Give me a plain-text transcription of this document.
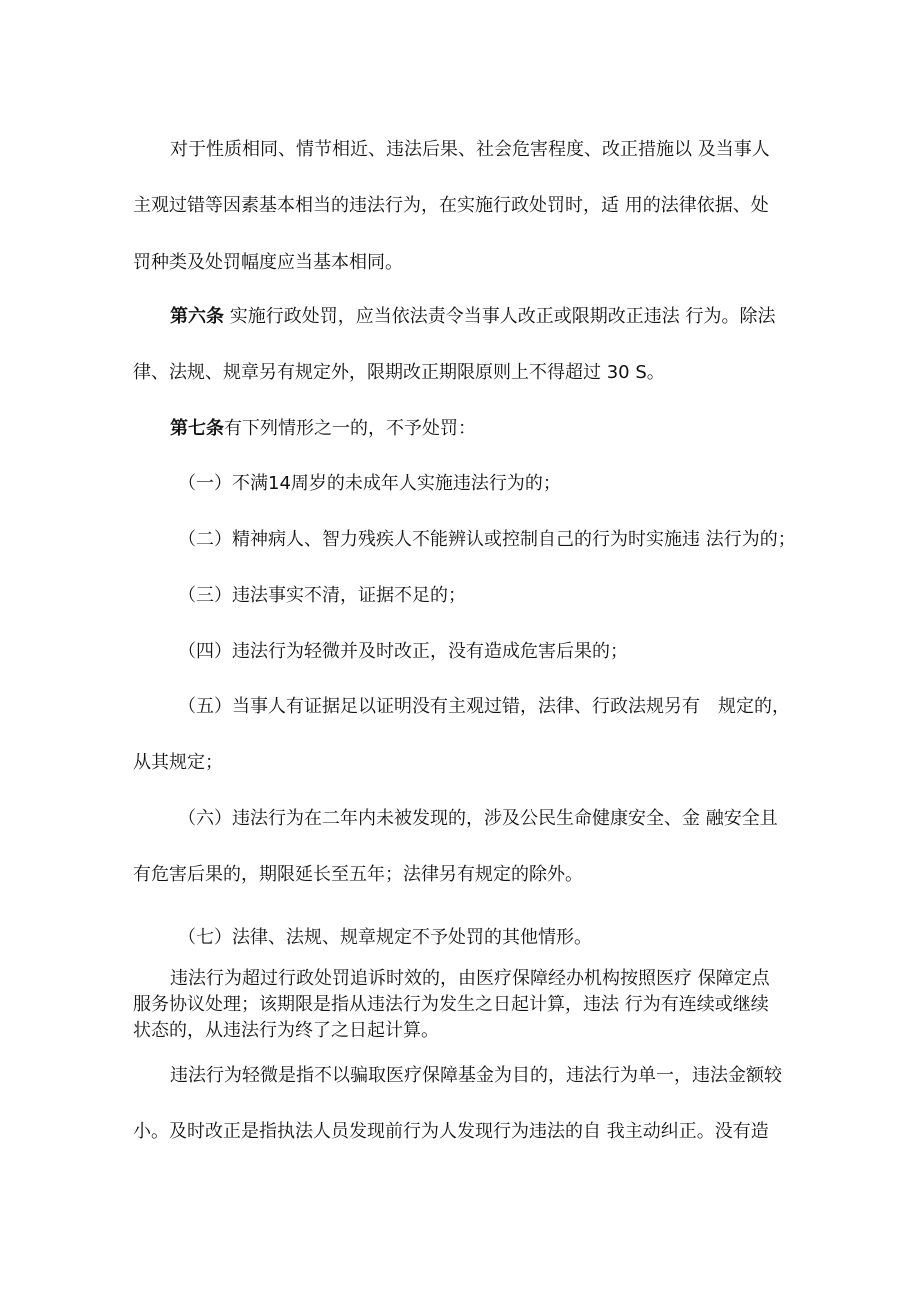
对于性质相同、情节相近、违法后果、社会危害程度、改正措施以 及当事人
主观过错等因素基本相当的违法行为，在实施行政处罚时，适 用的法律依据、处
罚种类及处罚幅度应当基本相同。
第六条 实施行政处罚，应当依法责令当事人改正或限期改正违法 行为。除法
律、法规、规章另有规定外，限期改正期限原则上不得超过 30 S。
第七条有下列情形之一的，不予处罚：
（一）不满14周岁的未成年人实施违法行为的；
（二）精神病人、智力残疾人不能辨认或控制自己的行为时实施违 法行为的；
（三）违法事实不清，证据不足的；
（四）违法行为轻微并及时改正，没有造成危害后果的；
（五）当事人有证据足以证明没有主观过错，法律、行政法规另有　规定的，
从其规定；
（六）违法行为在二年内未被发现的，涉及公民生命健康安全、金 融安全且
有危害后果的，期限延长至五年；法律另有规定的除外。
（七）法律、法规、规章规定不予处罚的其他情形。
违法行为超过行政处罚追诉时效的，由医疗保障经办机构按照医疗 保障定点
服务协议处理；该期限是指从违法行为发生之日起计算，违法 行为有连续或继续
状态的，从违法行为终了之日起计算。
违法行为轻微是指不以骗取医疗保障基金为目的，违法行为单一，违法金额较
小。及时改正是指执法人员发现前行为人发现行为违法的自 我主动纠正。没有造
